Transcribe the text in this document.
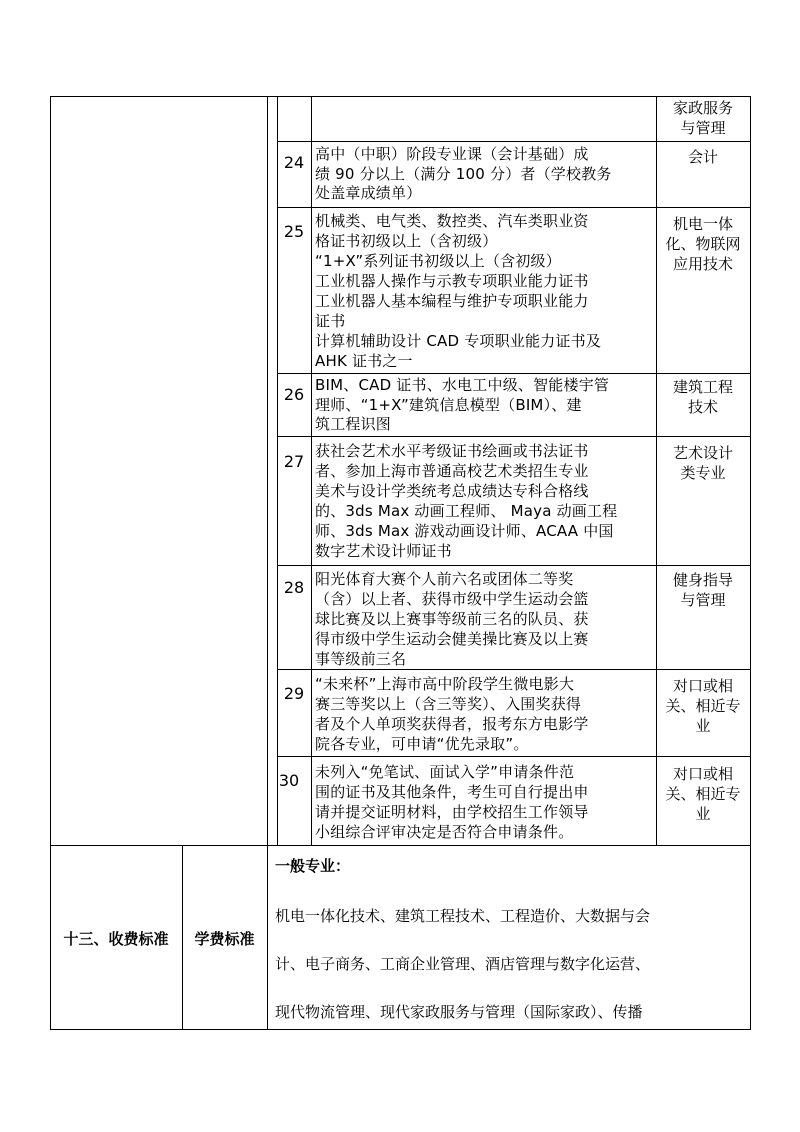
家政服务

与管理

24 高中（中职）阶段专业课（会计基础）成

绩 90 分以上（满分 100 分）者（学校教务

处盖章成绩单）

会计

25

机械类、电气类、数控类、汽车类职业资

格证书初级以上（含初级）

“1+X”系列证书初级以上（含初级）

工业机器人操作与示教专项职业能力证书

工业机器人基本编程与维护专项职业能力

证书

计算机辅助设计 CAD 专项职业能力证书及

AHK 证书之一

机电一体

化、物联网

应用技术

26 BIM、CAD 证书、水电工中级、智能楼宇管

理师、“1+X”建筑信息模型（BIM）、建

筑工程识图

建筑工程

技术

27

获社会艺术水平考级证书绘画或书法证书

者、参加上海市普通高校艺术类招生专业

美术与设计学类统考总成绩达专科合格线

的、3ds Max 动画工程师、 Maya 动画工程

师、3ds Max 游戏动画设计师、ACAA 中国

数字艺术设计师证书

艺术设计

类专业

28 阳光体育大赛个人前六名或团体二等奖

（含）以上者、获得市级中学生运动会篮

球比赛及以上赛事等级前三名的队员、获

得市级中学生运动会健美操比赛及以上赛

事等级前三名

健身指导

与管理

29 “未来杯”上海市高中阶段学生微电影大

赛三等奖以上（含三等奖）、入围奖获得

者及个人单项奖获得者，报考东方电影学

院各专业，可申请“优先录取”。

对口或相

关、相近专

业

30	未列入“免笔试、面试入学”申请条件范

围的证书及其他条件，考生可自行提出申

请并提交证明材料，由学校招生工作领导

小组综合评审决定是否符合申请条件。

对口或相

关、相近专

业

十三、收费标准	学费标准

一般专业：

机电一体化技术、建筑工程技术、工程造价、大数据与会

计、电子商务、工商企业管理、酒店管理与数字化运营、

现代物流管理、现代家政服务与管理（国际家政）、传播
